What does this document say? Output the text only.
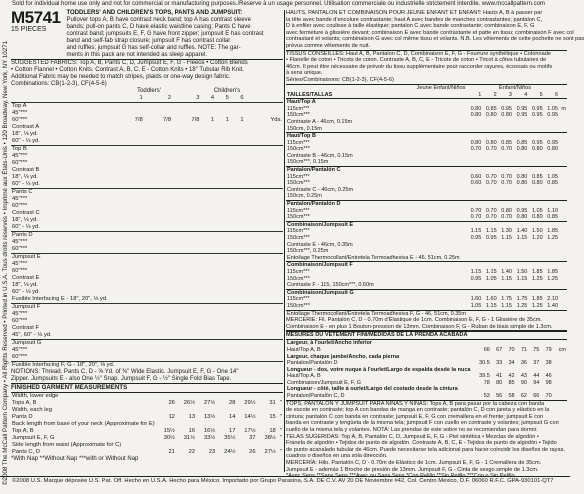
Sold for individual home use only and not for commercial or manufacturing purposes./Reserve à un usage personnel. Utilisation commerciale ou industrielle strictement interdite. www.mccallpattern.com
©2008 The McCall Pattern Company • All Rights Reserved • Printed in U.S.A. Tous droits réservés • Imprimé aux États-Unis • 120 Broadway, New York, NY 10271
M5741
15 PIECES
TODDLERS' AND CHILDREN'S TOPS, PANTS AND JUMPSUIT:
Pullover tops A, B have contrast neck band; top A has contrast sleeve
bands; pull-on pants C, D have elastic waistline casing; Pants C have
contrast band; jumpsuits E, F, G have front zipper; jumpsuit E has contrast
band and self-fab strap closure; jumpsuit F has contrast collar
and ruffles; jumpsuit G has self-collar and ruffles. NOTE: The gar-
ments in this pack are not intended as sleep apparel.
SUGGESTED FABRICS: Top A, B, Pants C, D, Jumpsuit E, F, G - Fleece • Cotton Blends
• Cotton Flannel • Cotton Knits. Contrast A, B, C, E - Cotton Knits • 18" Tubular Rib Knit.
Additional Fabric may be needed to match stripes, plaids or one-way design fabric.
Combinations: CB(1-2-3), CF(4-5-6)
Toddlers'	Children's
	1	2	3	4	5	6	
Top A							
45"***							
60"***	7/8	7/8	7/8	1	1	1	Yds.
Contrast A							
18", ⅛ yd.							
60" - ⅛ yd.							
Top B							
45"***							
60"***							
Contrast B							
18", ⅛ yd.							
60" - ⅛ yd.							
Pants C							
45"***							
60"***							
Contrast C							
18", ⅛ yd.							
60" - ⅛ yd.							
Pants D							
45"***							
60"***							
Jumpsuit E							
45"***							
60"***							
Contrast E							
18", ⅛ yd.							
60" - ⅛ yd.							
Fusible Interfacing E - 18", 20", ⅛ yd.							
Jumpsuit F							
45"***							
60"***							
Contrast F							
45", 60" - ⅛ yd.							
Jumpsuit G							
45"***							
60"***							
Fusible Interfacing F, G - 18", 20", ⅛ yd.							
NOTIONS: Thread. Pants C, D - ⅝ Yd. of ⅜" Wide Elastic. Jumpsuit E, F, G - One 14"
Zipper. Jumpsuits E - also One ½" Snap. Jumpsuit F, G - ½" Single Fold Bias Tape.
FINISHED GARMENT MEASUREMENTS
Width, lower edge							
Tops A, B	26	26½	27½	28	29½	31	"
Width, each leg							
Pants D	12	13	13½	14	14½	15	"
Back length from base of your neck (Approximate for E)							
Top A, B	15½	16	16½	17	17½	18	"
Jumpsuit E, F, G	30½	31½	33½	35½	37	38½	"
Side length from waist (Approximate for C)							
Pants C, D	21	22	23	24½	26	27½	"
*With Nap **Without Nap ***with or Without Nap
HAUTS, PANTALON ET COMBINAISON POUR JEUNE ENFANT ET ENFANT: Hauts A, B à passer par
la tête avec bande d'encolure contrastante; haut A avec bandes de manches contrastantes; pantalon C,
D à enfiler avec coulisse à taille élastique; pantalon C avec bande contrastante; combinaison E, F, G
avec fermeture à glissière devant; combinaison E avec bande contrastante et patte en tissu; combinaison F avec col
contrastant et volants; combinaison G avec col même tissu et volants. N.B. Les vêtements de cette pochette ne sont pas
prévus comme vêtements de nuit.
TISSUS CONSEILLÉS: Haut A, B, Pantalon C, D, Combinaison E, F, G - Fourrure synthétique • Cotonnade
• Flanelle de coton • Tricots de coton. Contraste A, B, C, E - Tricots de coton • Tricot à côtes tubulaires de
46cm. Il peut être nécessaire de prévoir du tissu supplémentaire pour raccorder rayures, écossais ou motifs
à sens unique.
Séries/Combinaisons: CB(1-2-3), CF(4-5-6)
Jeune Enfant/Niños	Enfant/Niños
TAILLES/TALLAS	1	2	3	4	5	6	
Haut/Top A							
115cm***	0.80	0.85	0.95	0.95	0.95	1.05	m
150cm***	0.80	0.80	0.80	0.95	0.95	0.95	
Contraste A - 46cm, 0.15m							
150cm, 0.15m							
Haut/Top B							
115cm***	0.80	0.80	0.85	0.85	0.95	0.95	
150cm***	0.70	0.70	0.70	0.80	0.80	0.80	
Contraste B - 46cm, 0.15m							
150cm***, 0.15m							
Pantalon/Pantalón C							
115cm***	0.60	0.70	0.70	0.80	0.85	1.05	
150cm***	0.60	0.70	0.70	0.80	0.80	0.85	
Contraste C - 46cm, 0.25m							
150cm, 0.25m							
Pantalon/Pantalón D							
115cm***	0.70	0.70	0.80	0.95	1.05	1.10	
150cm***	0.70	0.70	0.70	0.80	0.80	0.85	
Combinaison/Jumpsuit E							
115cm***	1.15	1.15	1.30	1.40	1.50	1.85	
150cm***	0.95	0.95	1.15	1.15	1.20	1.25	
Contraste E - 46cm, 0.35m							
150cm***, 0.25m							
Entoilage Thermocollant/Entretela Termoadhesiva E - 46, 51cm, 0.25m							
Combinaison/Jumpsuit F							
115cm***	1.15	1.15	1.40	1.50	1.85	1.85	
150cm***	0.95	1.05	1.15	1.15	1.25	1.25	
Contraste F - 115, 150cm***, 0.60m							
Combinaison/Jumpsuit G							
115cm***	1.60	1.60	1.75	1.75	1.85	2.10	
150cm***	1.05	1.15	1.15	1.25	1.25	1.40	
Entoilage Thermocollant/Entretela Termoadhesiva F, G - 46, 51cm, 0.35m							
MERCERIE: Fil. Pantalon C, D - 0.70m d'Élastique de 1cm. Combinaison E, F, G - 1 Glissière de 35cm.
Combinaison E - en plus 1 Bouton-pression de 13mm. Combinaison F, G - Ruban de biais simple de 1.3cm.
MESURES DU VÊTEMENT FINI/MEDIDAS DE LA PRENDA ACABADA
Largeur, à l'ourlet/Ancho inferior							
Haut/Top A, B	66	67	70	71	75	79	cm
Largeur, chaque jambe/Ancho, cada pierna							
Pantalon/Pantalón D	30.5	33	34	36	37	38	
Longueur - dos, votre nuque à l'ourlet/Largo de espalda desde la nuca							
Haut/Top A, B	39.5	41	42	43	44	46	
Combinaison/Jumpsuit E, F, G	78	80	85	90	94	98	
Longueur - côté, taille à ourlet/Largo del costado desde la cintura							
Pantalon/Pantalón C, D	53	56	58	62	66	70	
TOPS, PANTALÓN Y JUMPSUIT PARA NIÑAS Y NIÑAS: Tops A, B para pasar por la cabeza con banda
de escote en contraste; top A con bandas de manga en contraste; pantalón C, D con jareta y elástico en la
cintura; pantalón C con banda en contraste; jumpsuit E, F, G con cremallera en el frente; jumpsuit E con
banda en contraste y lengüeta de la misma tela; jumpsuit F con cuello en contraste y volantes; jumpsuit G con
cuello de la misma tela y volantes. NOTA: Las prendas de este sobre no se recomiendan para dormir.
TELAS SUGERIDAS: Top A, B, Pantalón C, D, Jumpsuit E, F, G - Piel sintética • Mezclas de algodón •
Franela de algodón • Tejidos de punto de algodón. Contraste A, B, C, E - Tejidos de punto de algodón • Tejido
de punto acanalado tubular de 46cm. Puede necesitarse tela adicional para hacer coincidir los diseños de rayas,
cuadros o diseños en una sola dirección.
MERCERÍA: Hilo. Pantalón C, D - 0.70m de Elástico de 1cm. Jumpsuit E, F, G - 1 Cremallera de 35cm.
Jumpsuit E - además 1 Broche de presión de 13mm. Jumpsuit F, G - Cinta de sesgo simple de 1.3cm.
*Avec Sens **Sans Sens ***Avec ou Sans Sens *Con Pelillo **Sin Pelillo ***Con o Sin Pelillo
©2008 U.S. Marque déposée U.S. Pat. Off. Hecho en U.S.A. Hecho para México. Importado por Grupo Parasina, S.A. DE C.V. AV 20 DE Noviembre #42, Col. Centro México, D.F. 06060 R.F.C. GPA-930101-QT7
